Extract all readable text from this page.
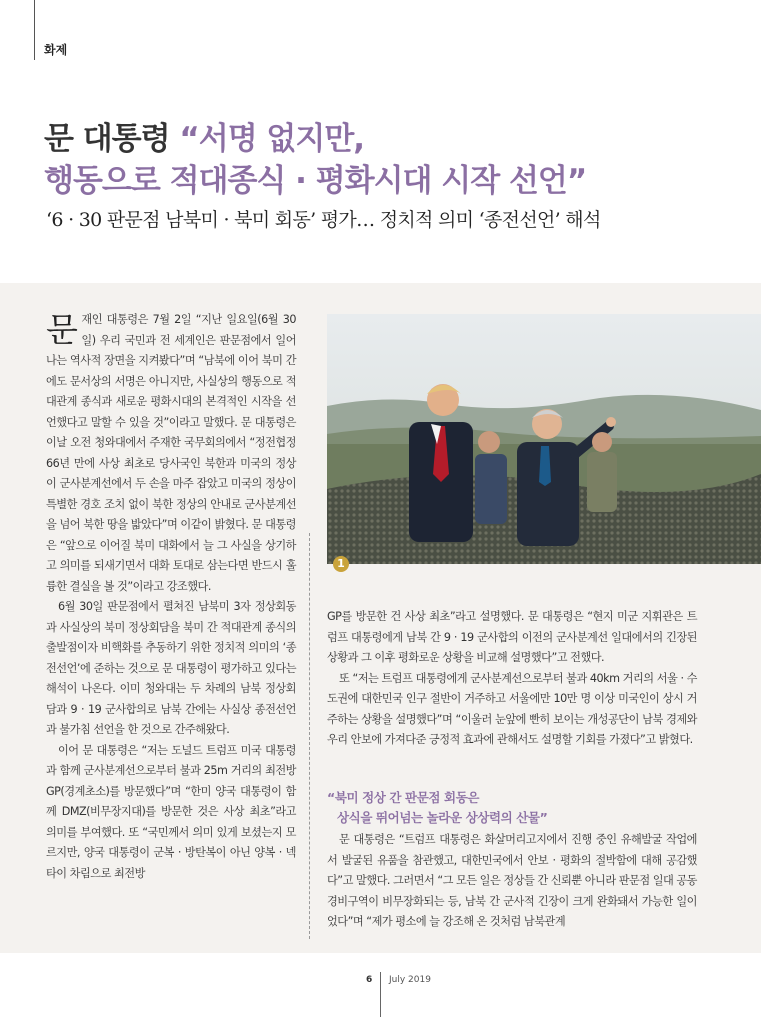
화제
문 대통령 “서명 없지만,
행동으로 적대종식 · 평화시대 시작 선언”
‘6 · 30 판문점 남북미 · 북미 회동’ 평가… 정치적 의미 ‘종전선언’ 해석

문재인 대통령은 7월 2일 “지난 일요일(6월 30일) 우리 국민과 전 세계인은 판문점에서 일어나는 역사적 장면을 지켜봤다”며 “남북에 이어 북미 간에도 문서상의 서명은 아니지만, 사실상의 행동으로 적대관계 종식과 새로운 평화시대의 본격적인 시작을 선언했다고 말할 수 있을 것”이라고 말했다. 문 대통령은 이날 오전 청와대에서 주재한 국무회의에서 “정전협정 66년 만에 사상 최초로 당사국인 북한과 미국의 정상이 군사분계선에서 두 손을 마주 잡았고 미국의 정상이 특별한 경호 조치 없이 북한 정상의 안내로 군사분계선을 넘어 북한 땅을 밟았다”며 이같이 밝혔다. 문 대통령은 “앞으로 이어질 북미 대화에서 늘 그 사실을 상기하고 의미를 되새기면서 대화 토대로 삼는다면 반드시 훌륭한 결실을 볼 것”이라고 강조했다.

6월 30일 판문점에서 펼쳐진 남북미 3자 정상회동과 사실상의 북미 정상회담을 북미 간 적대관계 종식의 출발점이자 비핵화를 추동하기 위한 정치적 의미의 ‘종전선언’에 준하는 것으로 문 대통령이 평가하고 있다는 해석이 나온다. 이미 청와대는 두 차례의 남북 정상회담과 9 · 19 군사합의로 남북 간에는 사실상 종전선언과 불가침 선언을 한 것으로 간주해왔다.

이어 문 대통령은 “저는 도널드 트럼프 미국 대통령과 함께 군사분계선으로부터 불과 25m 거리의 최전방 GP(경계초소)를 방문했다”며 “한미 양국 대통령이 함께 DMZ(비무장지대)를 방문한 것은 사상 최초”라고 의미를 부여했다. 또 “국민께서 의미 있게 보셨는지 모르지만, 양국 대통령이 군복 · 방탄복이 아닌 양복 · 넥타이 차림으로 최전방

1

GP를 방문한 건 사상 최초”라고 설명했다. 문 대통령은 “현지 미군 지휘관은 트럼프 대통령에게 남북 간 9 · 19 군사합의 이전의 군사분계선 일대에서의 긴장된 상황과 그 이후 평화로운 상황을 비교해 설명했다”고 전했다.

또 “저는 트럼프 대통령에게 군사분계선으로부터 불과 40km 거리의 서울 · 수도권에 대한민국 인구 절반이 거주하고 서울에만 10만 명 이상 미국인이 상시 거주하는 상황을 설명했다”며 “이울러 눈앞에 빤히 보이는 개성공단이 남북 경제와 우리 안보에 가져다준 긍정적 효과에 관해서도 설명할 기회를 가졌다”고 밝혔다.

“북미 정상 간 판문점 회동은
상식을 뛰어넘는 놀라운 상상력의 산물”

문 대통령은 “트럼프 대통령은 화살머리고지에서 진행 중인 유해발굴 작업에서 발굴된 유품을 참관했고, 대한민국에서 안보 · 평화의 절박함에 대해 공감했다”고 말했다. 그러면서 “그 모든 일은 정상들 간 신뢰뿐 아니라 판문점 일대 공동경비구역이 비무장화되는 등, 남북 간 군사적 긴장이 크게 완화돼서 가능한 일이었다”며 “제가 평소에 늘 강조해 온 것처럼 남북관계

6 July 2019
